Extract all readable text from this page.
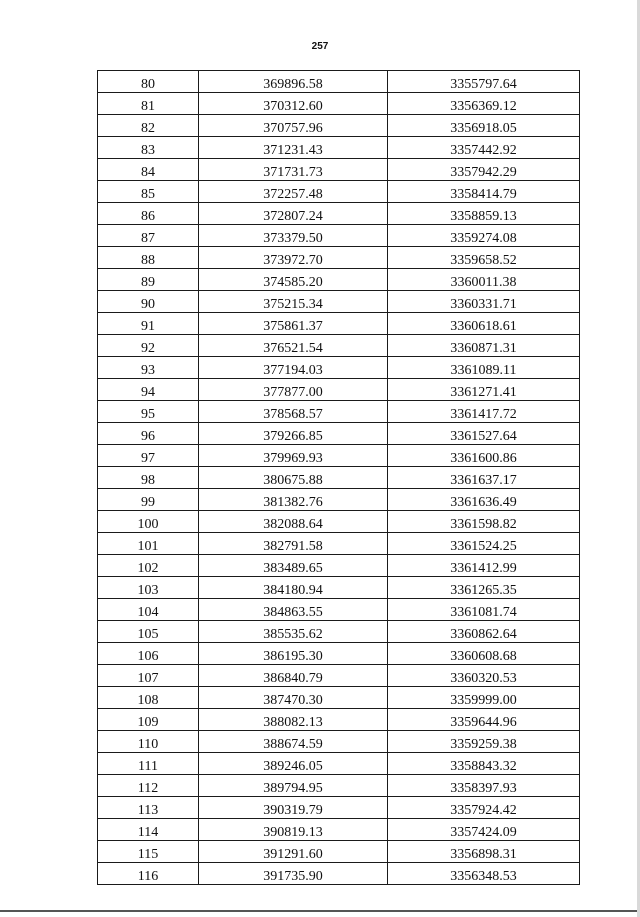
257
80	369896.58	3355797.64
81	370312.60	3356369.12
82	370757.96	3356918.05
83	371231.43	3357442.92
84	371731.73	3357942.29
85	372257.48	3358414.79
86	372807.24	3358859.13
87	373379.50	3359274.08
88	373972.70	3359658.52
89	374585.20	3360011.38
90	375215.34	3360331.71
91	375861.37	3360618.61
92	376521.54	3360871.31
93	377194.03	3361089.11
94	377877.00	3361271.41
95	378568.57	3361417.72
96	379266.85	3361527.64
97	379969.93	3361600.86
98	380675.88	3361637.17
99	381382.76	3361636.49
100	382088.64	3361598.82
101	382791.58	3361524.25
102	383489.65	3361412.99
103	384180.94	3361265.35
104	384863.55	3361081.74
105	385535.62	3360862.64
106	386195.30	3360608.68
107	386840.79	3360320.53
108	387470.30	3359999.00
109	388082.13	3359644.96
110	388674.59	3359259.38
111	389246.05	3358843.32
112	389794.95	3358397.93
113	390319.79	3357924.42
114	390819.13	3357424.09
115	391291.60	3356898.31
116	391735.90	3356348.53
